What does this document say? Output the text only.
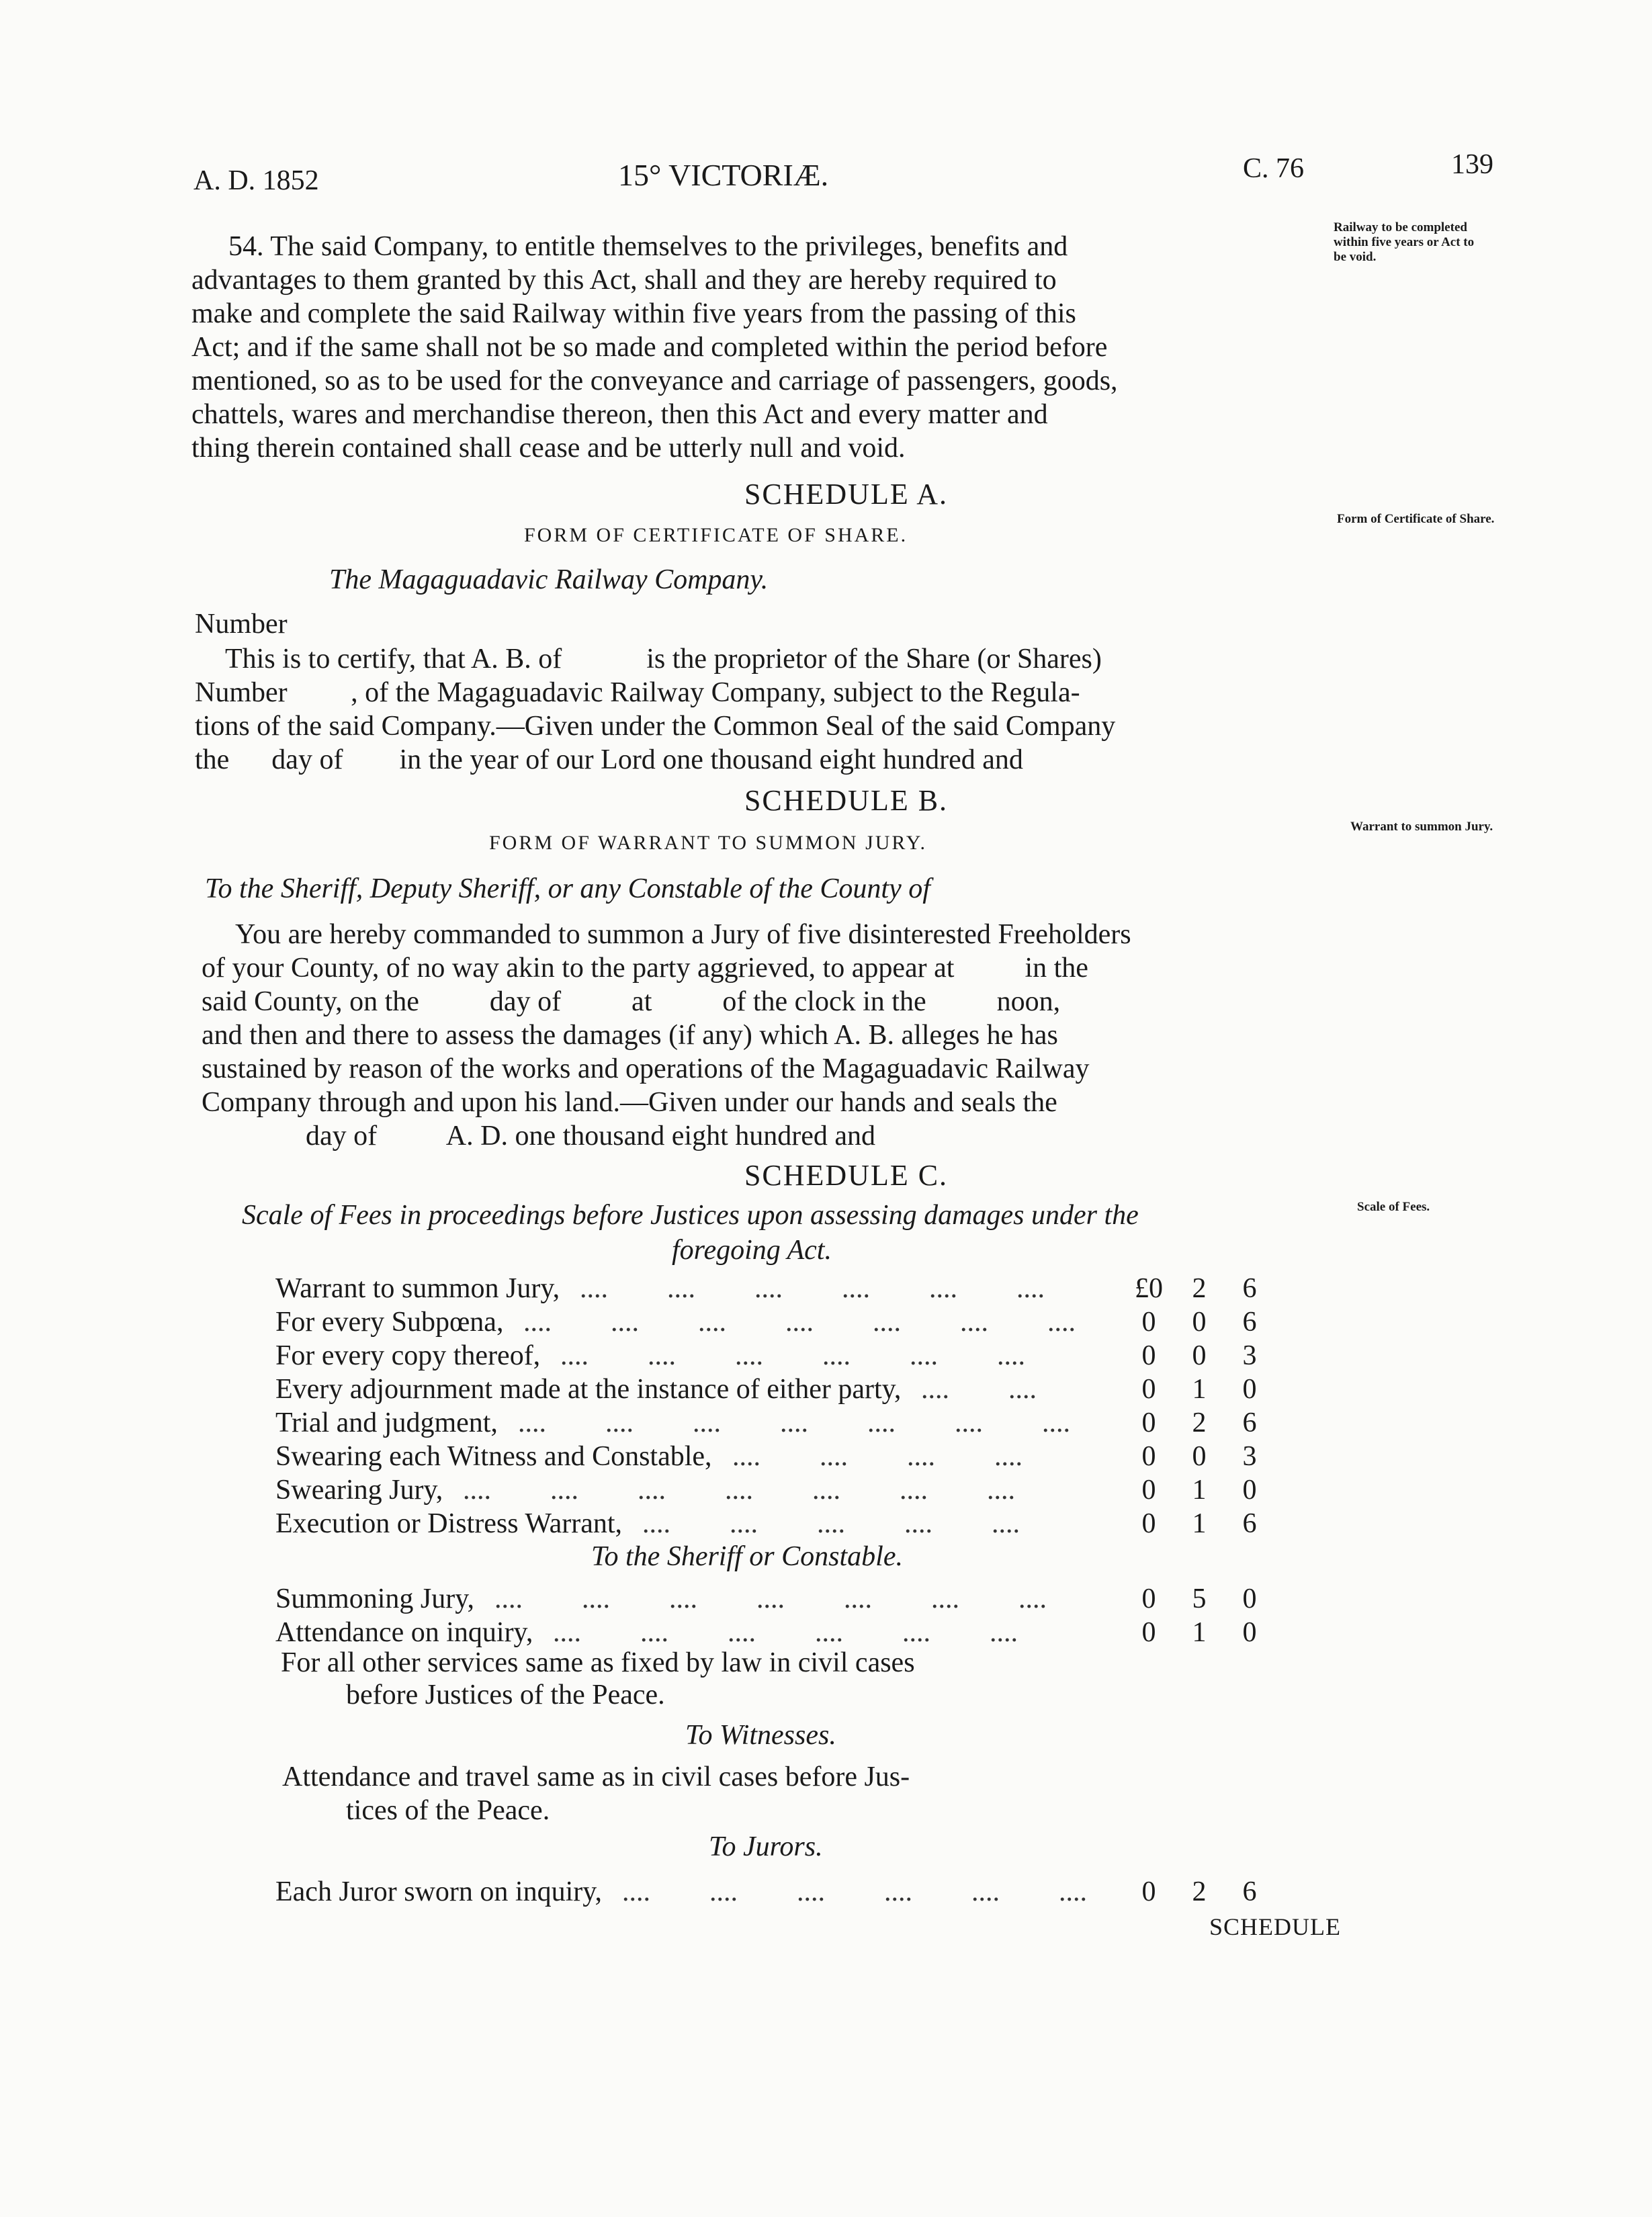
A. D. 1852	15° VICTORIÆ.	C. 76	139
54. The said Company, to entitle themselves to the privileges, benefits and
advantages to them granted by this Act, shall and they are hereby required to
make and complete the said Railway within five years from the passing of this
Act; and if the same shall not be so made and completed within the period before
mentioned, so as to be used for the conveyance and carriage of passengers, goods,
chattels, wares and merchandise thereon, then this Act and every matter and
thing therein contained shall cease and be utterly null and void.
Railway to be completed within five years or Act to be void.
SCHEDULE A.
FORM OF CERTIFICATE OF SHARE.
Form of Certificate of Share.
The Magaguadavic Railway Company.
Number
This is to certify, that A. B. of            is the proprietor of the Share (or Shares)
Number         , of the Magaguadavic Railway Company, subject to the Regula-
tions of the said Company.—Given under the Common Seal of the said Company
the      day of        in the year of our Lord one thousand eight hundred and
SCHEDULE B.
FORM OF WARRANT TO SUMMON JURY.
Warrant to summon Jury.
To the Sheriff, Deputy Sheriff, or any Constable of the County of
You are hereby commanded to summon a Jury of five disinterested Freeholders
of your County, of no way akin to the party aggrieved, to appear at          in the
said County, on the          day of          at          of the clock in the          noon,
and then and there to assess the damages (if any) which A. B. alleges he has
sustained by reason of the works and operations of the Magaguadavic Railway
Company through and upon his land.—Given under our hands and seals the
day of          A. D. one thousand eight hundred and
SCHEDULE C.
Scale of Fees.
Scale of Fees in proceedings before Justices upon assessing damages under the
foregoing Act.
Warrant to summon Jury,	£0	2	6
.... .... .... .... .... ....
For every Subpœna,	0	0	6
.... .... .... .... .... .... ....
For every copy thereof,	0	0	3
.... .... .... .... .... ....
Every adjournment made at the instance of either party,	0	1	0
.... ....
Trial and judgment,	0	2	6
.... .... .... .... .... .... ....
Swearing each Witness and Constable,	0	0	3
.... .... .... ....
Swearing Jury,	0	1	0
.... .... .... .... .... .... ....
Execution or Distress Warrant,	0	1	6
.... .... .... .... ....
To the Sheriff or Constable.
Summoning Jury,	0	5	0
.... .... .... .... .... .... ....
Attendance on inquiry,	0	1	0
.... .... .... .... .... ....
For all other services same as fixed by law in civil cases
before Justices of the Peace.
To Witnesses.
Attendance and travel same as in civil cases before Jus-
tices of the Peace.
To Jurors.
Each Juror sworn on inquiry,	0	2	6
.... .... .... .... .... ....
SCHEDULE
